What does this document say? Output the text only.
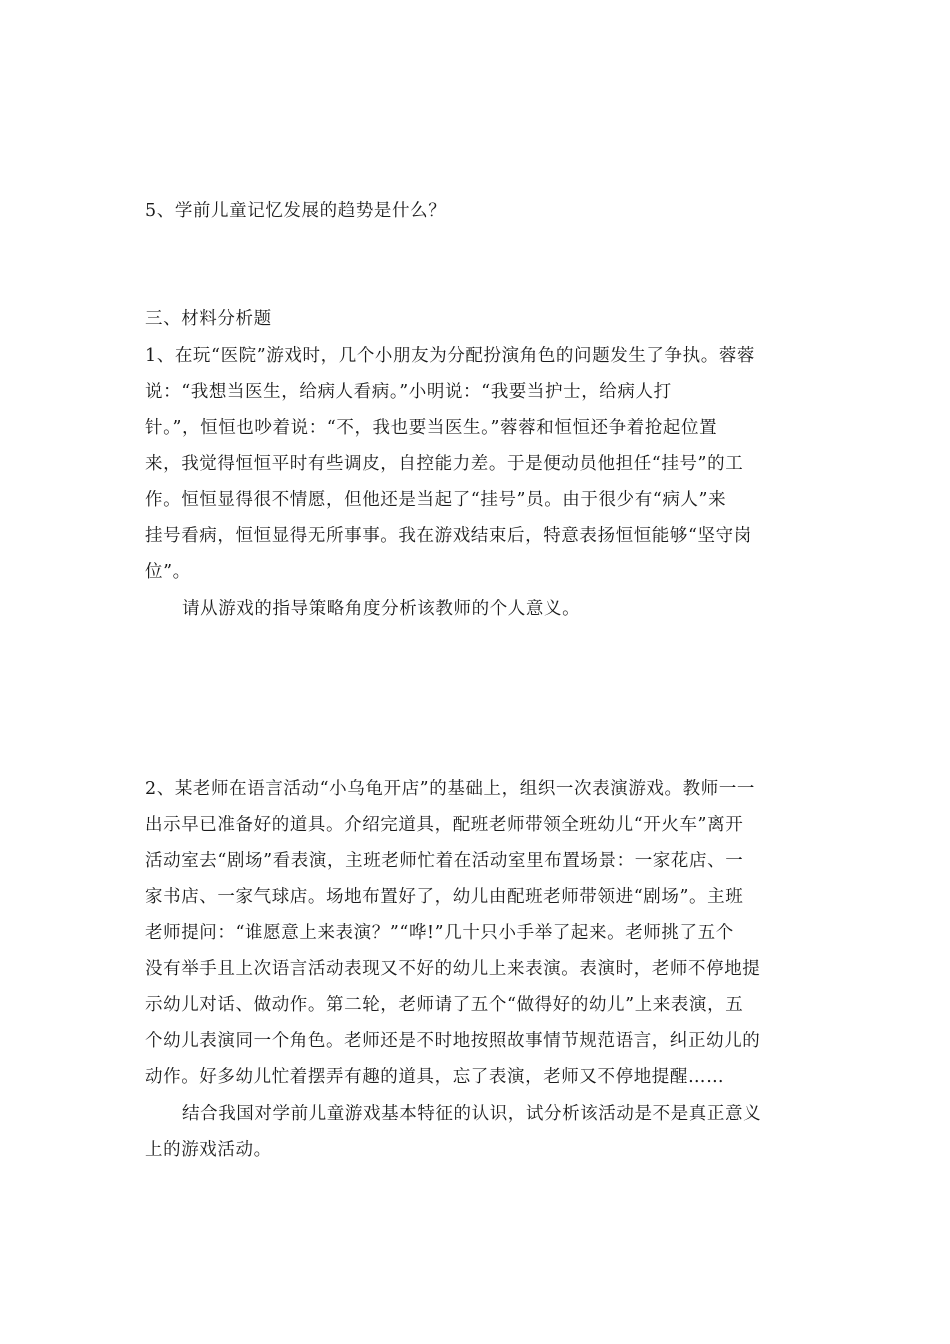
5、学前儿童记忆发展的趋势是什么？
三、材料分析题
1、在玩“医院”游戏时，几个小朋友为分配扮演角色的问题发生了争执。蓉蓉
说：“我想当医生，给病人看病。”小明说：“我要当护士，给病人打
针。”，恒恒也吵着说：“不，我也要当医生。”蓉蓉和恒恒还争着抢起位置
来，我觉得恒恒平时有些调皮，自控能力差。于是便动员他担任“挂号”的工
作。恒恒显得很不情愿，但他还是当起了“挂号”员。由于很少有“病人”来
挂号看病，恒恒显得无所事事。我在游戏结束后，特意表扬恒恒能够“坚守岗
位”。
请从游戏的指导策略角度分析该教师的个人意义。
2、某老师在语言活动“小乌龟开店”的基础上，组织一次表演游戏。教师一一
出示早已准备好的道具。介绍完道具，配班老师带领全班幼儿“开火车”离开
活动室去“剧场”看表演，主班老师忙着在活动室里布置场景：一家花店、一
家书店、一家气球店。场地布置好了，幼儿由配班老师带领进“剧场”。主班
老师提问：“谁愿意上来表演？”“哗!”几十只小手举了起来。老师挑了五个
没有举手且上次语言活动表现又不好的幼儿上来表演。表演时，老师不停地提
示幼儿对话、做动作。第二轮，老师请了五个“做得好的幼儿”上来表演，五
个幼儿表演同一个角色。老师还是不时地按照故事情节规范语言，纠正幼儿的
动作。好多幼儿忙着摆弄有趣的道具，忘了表演，老师又不停地提醒……
结合我国对学前儿童游戏基本特征的认识，试分析该活动是不是真正意义
上的游戏活动。
